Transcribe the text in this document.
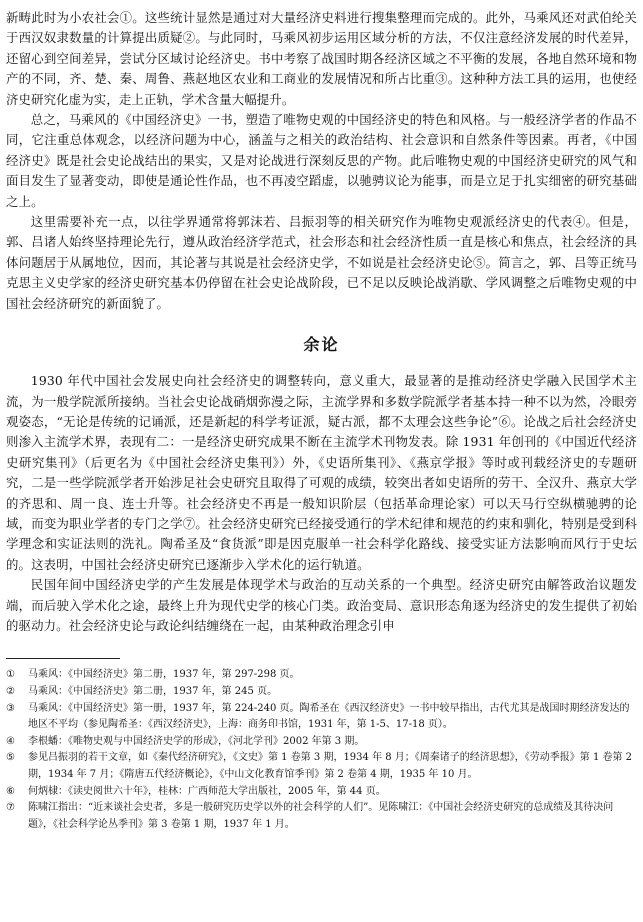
新畴此时为小农社会①。这些统计显然是通过对大量经济史料进行搜集整理而完成的。此外，马乘风还对武伯纶关于西汉奴隶数量的计算提出质疑②。与此同时，马乘风初步运用区域分析的方法，不仅注意经济发展的时代差异，还留心到空间差异，尝试分区域讨论经济史。书中考察了战国时期各经济区域之不平衡的发展，各地自然环境和物产的不同，齐、楚、秦、周鲁、燕赵地区农业和工商业的发展情况和所占比重③。这种种方法工具的运用，也使经济史研究化虚为实，走上正轨，学术含量大幅提升。

总之，马乘风的《中国经济史》一书，塑造了唯物史观的中国经济史的特色和风格。与一般经济学者的作品不同，它注重总体观念，以经济问题为中心，涵盖与之相关的政治结构、社会意识和自然条件等因素。再者，《中国经济史》既是社会史论战结出的果实，又是对论战进行深刻反思的产物。此后唯物史观的中国经济史研究的风气和面目发生了显著变动，即使是通论性作品，也不再凌空蹈虚，以驰骋议论为能事，而是立足于扎实细密的研究基础之上。

这里需要补充一点，以往学界通常将郭沫若、吕振羽等的相关研究作为唯物史观派经济史的代表④。但是，郭、吕诸人始终坚持理论先行，遵从政治经济学范式，社会形态和社会经济性质一直是核心和焦点，社会经济的具体问题居于从属地位，因而，其论著与其说是社会经济史学，不如说是社会经济史论⑤。简言之，郭、吕等正统马克思主义史学家的经济史研究基本仍停留在社会史论战阶段，已不足以反映论战消歇、学风调整之后唯物史观的中国社会经济研究的新面貌了。

余论

1930 年代中国社会发展史向社会经济史的调整转向，意义重大，最显著的是推动经济史学融入民国学术主流，为一般学院派所接纳。当社会史论战硝烟弥漫之际，主流学界和多数学院派学者基本持一种不以为然，冷眼旁观姿态，“无论是传统的记诵派，还是新起的科学考证派，疑古派，都不太理会这些争论”⑥。论战之后社会经济史则渗入主流学术界，表现有二：一是经济史研究成果不断在主流学术刊物发表。除 1931 年创刊的《中国近代经济史研究集刊》（后更名为《中国社会经济史集刊》）外，《史语所集刊》、《燕京学报》等时或刊载经济史的专题研究，二是一些学院派学者开始涉足社会史研究且取得了可观的成绩，较突出者如史语所的劳干、全汉升、燕京大学的齐思和、周一良、连士升等。社会经济史不再是一般知识阶层（包括革命理论家）可以天马行空纵横驰骋的论域，而变为职业学者的专门之学⑦。社会经济史研究已经接受通行的学术纪律和规范的约束和驯化，特别是受到科学理念和实证法则的洗礼。陶希圣及“食货派”即是因克服单一社会科学化路线、接受实证方法影响而风行于史坛的。这表明，中国社会经济史研究已逐渐步入学术化的运行轨道。

民国年间中国经济史学的产生发展是体现学术与政治的互动关系的一个典型。经济史研究由解答政治议题发端，而后驶入学术化之途，最终上升为现代史学的核心门类。政治变局、意识形态角逐为经济史的发生提供了初始的驱动力。社会经济史论与政论纠结缠绕在一起，由某种政治理念引申

①	马乘风：《中国经济史》第二册，1937 年，第 297-298 页。
②	马乘风：《中国经济史》第二册，1937 年，第 245 页。
③	马乘风：《中国经济史》第一册，1937 年，第 224-240 页。陶希圣在《西汉经济史》一书中较早指出，古代尤其是战国时期经济发达的地区不平均（参见陶希圣：《西汉经济史》，上海：商务印书馆，1931 年，第 1-5、17-18 页）。
④	李根蟠：《唯物史观与中国经济史学的形成》，《河北学刊》2002 年第 3 期。
⑤	参见吕振羽的若干文章，如《秦代经济研究》，《文史》第 1 卷第 3 期，1934 年 8 月；《周秦诸子的经济思想》，《劳动季报》第 1 卷第 2 期，1934 年 7 月；《隋唐五代经济概论》，《中山文化教育馆季刊》第 2 卷第 4 期，1935 年 10 月。
⑥	何炳棣：《读史阅世六十年》，桂林：广西师范大学出版社，2005 年，第 44 页。
⑦	陈啸江指出：“近来谈社会史者，多是一般研究历史学以外的社会科学的人们”。见陈啸江：《中国社会经济史研究的总成绩及其待决问题》，《社会科学论丛季刊》第 3 卷第 1 期，1937 年 1 月。
